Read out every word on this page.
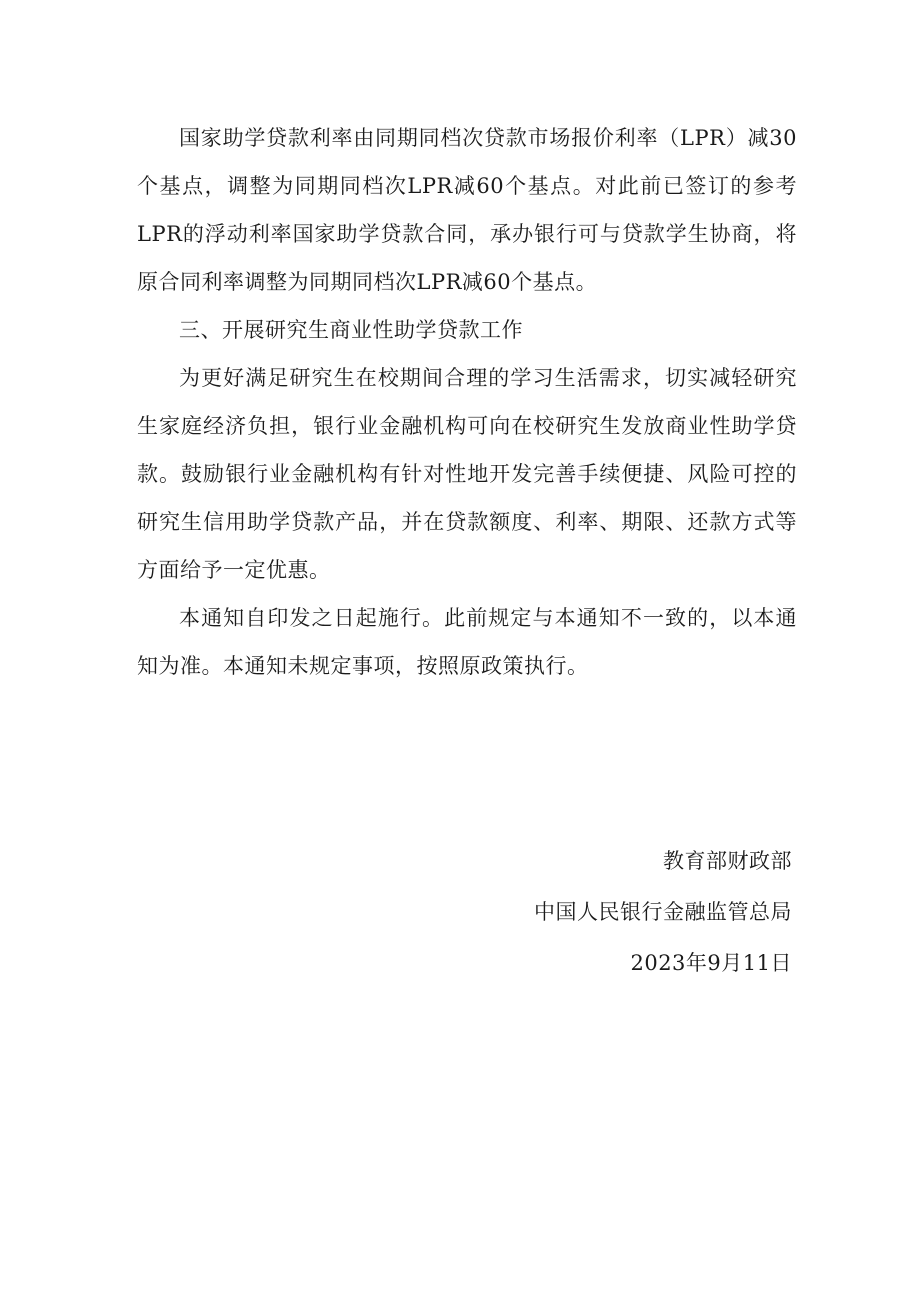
国家助学贷款利率由同期同档次贷款市场报价利率（LPR）减30个基点，调整为同期同档次LPR减60个基点。对此前已签订的参考LPR的浮动利率国家助学贷款合同，承办银行可与贷款学生协商，将原合同利率调整为同期同档次LPR减60个基点。

三、开展研究生商业性助学贷款工作

为更好满足研究生在校期间合理的学习生活需求，切实减轻研究生家庭经济负担，银行业金融机构可向在校研究生发放商业性助学贷款。鼓励银行业金融机构有针对性地开发完善手续便捷、风险可控的研究生信用助学贷款产品，并在贷款额度、利率、期限、还款方式等方面给予一定优惠。

本通知自印发之日起施行。此前规定与本通知不一致的，以本通知为准。本通知未规定事项，按照原政策执行。

教育部财政部
中国人民银行金融监管总局
2023年9月11日
